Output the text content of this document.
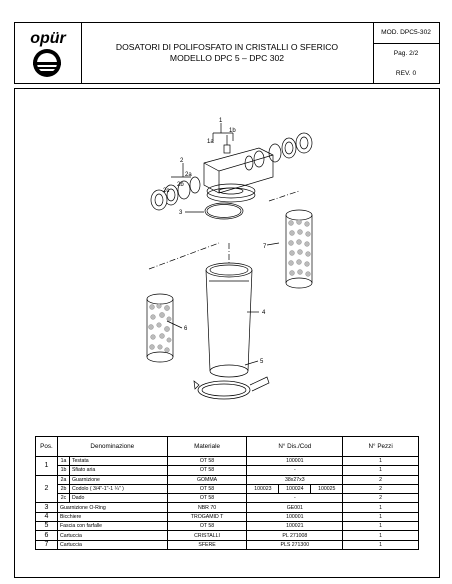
opür	DOSATORI DI POLIFOSFATO IN CRISTALLI O SFERICO
MODELLO DPC 5 – DPC 302
MOD. DPC5-302
Pag. 2/2
REV. 0
1
1a
1b
2
2a
2b
2c
3
4
5
6
7
Pos.	Denominazione		Materiale	N° Dis./Cod	N° Pezzi
1	1a	Testata	OT 58	100001	1
	1b	Sfiato aria	OT 58	-	1
2	2a	Guarnizione	GOMMA	38x27x3	2
	2b	Codolo ( 3/4"-1"-1 ¼" )	OT 58	100023 100024 100025	2
	2c	Dado	OT 58	-	2
3	Guarnizione O-Ring		NBR 70	GE001	1
4	Bicchiere		TROGAMID T	100001	1
5	Fascia con farfalle		OT 58	100021	1
6	Cartuccia		CRISTALLI	PL 271008	1
7	Cartuccia		SFERE	PLS 271300	1
